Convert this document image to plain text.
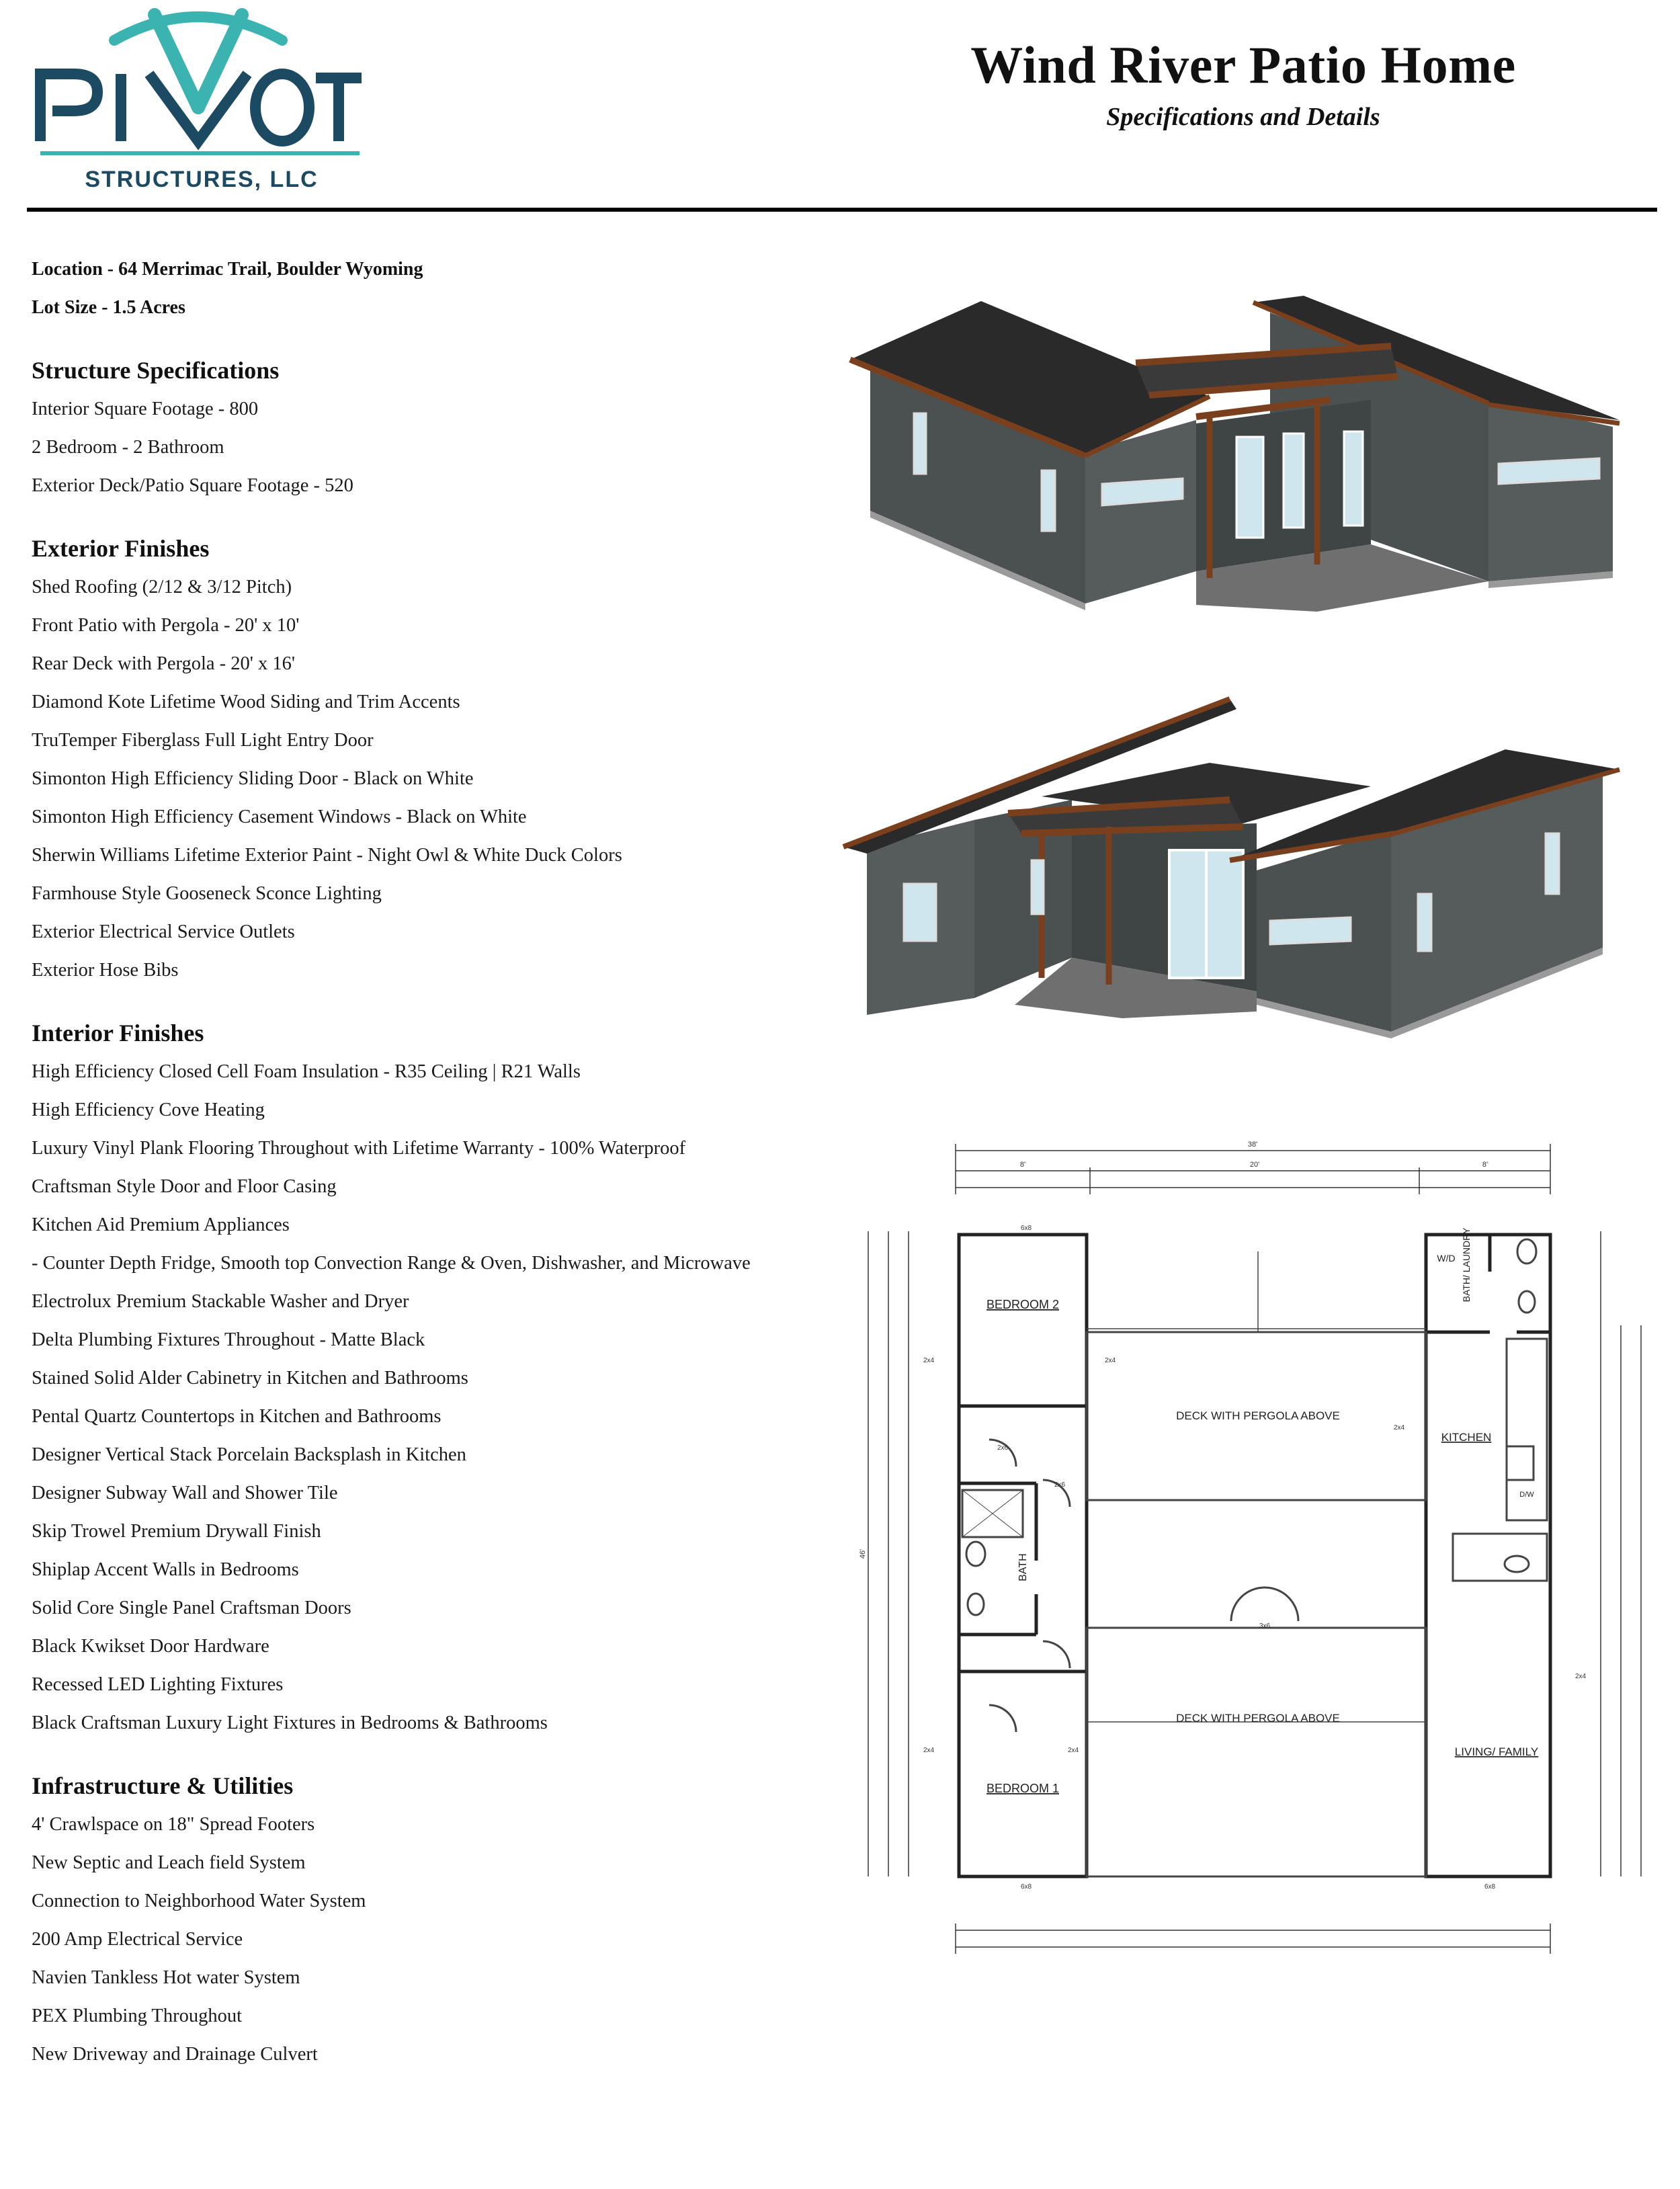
STRUCTURES, LLC
Wind River Patio Home
Specifications and Details
Location - 64 Merrimac Trail, Boulder Wyoming
Lot Size - 1.5 Acres
Structure Specifications
Interior Square Footage - 800
2 Bedroom - 2 Bathroom
Exterior Deck/Patio Square Footage - 520
Exterior Finishes
Shed Roofing (2/12 & 3/12 Pitch)
Front Patio with Pergola - 20' x 10'
Rear Deck with Pergola - 20' x 16'
Diamond Kote Lifetime Wood Siding and Trim Accents
TruTemper Fiberglass Full Light Entry Door
Simonton High Efficiency Sliding Door - Black on White
Simonton High Efficiency Casement Windows - Black on White
Sherwin Williams Lifetime Exterior Paint - Night Owl & White Duck Colors
Farmhouse Style Gooseneck Sconce Lighting
Exterior Electrical Service Outlets
Exterior Hose Bibs
Interior Finishes
High Efficiency Closed Cell Foam Insulation - R35 Ceiling | R21 Walls
High Efficiency Cove Heating
Luxury Vinyl Plank Flooring Throughout with Lifetime Warranty - 100% Waterproof
Craftsman Style Door and Floor Casing
Kitchen Aid Premium Appliances
- Counter Depth Fridge, Smooth top Convection Range & Oven, Dishwasher, and Microwave
Electrolux Premium Stackable Washer and Dryer
Delta Plumbing Fixtures Throughout - Matte Black
Stained Solid Alder Cabinetry in Kitchen and Bathrooms
Pental Quartz Countertops in Kitchen and Bathrooms
Designer Vertical Stack Porcelain Backsplash in Kitchen
Designer Subway Wall and Shower Tile
Skip Trowel Premium Drywall Finish
Shiplap Accent Walls in Bedrooms
Solid Core Single Panel Craftsman Doors
Black Kwikset Door Hardware
Recessed LED Lighting Fixtures
Black Craftsman Luxury Light Fixtures in Bedrooms & Bathrooms
Infrastructure & Utilities
4' Crawlspace on 18" Spread Footers
New Septic and Leach field System
Connection to Neighborhood Water System
200 Amp Electrical Service
Navien Tankless Hot water System
PEX Plumbing Throughout
New Driveway and Drainage Culvert
BEDROOM 2
BEDROOM 1
BATH
BATH/ LAUNDRY
W/D
KITCHEN
LIVING/ FAMILY
DECK WITH PERGOLA ABOVE
DECK WITH PERGOLA ABOVE
D/W
38'
8'	20'	8'
46'
2x4	2x4
2x4
2x4	2x4
2x4
6x8
2x6
2x6
3x6
6x8	6x8
